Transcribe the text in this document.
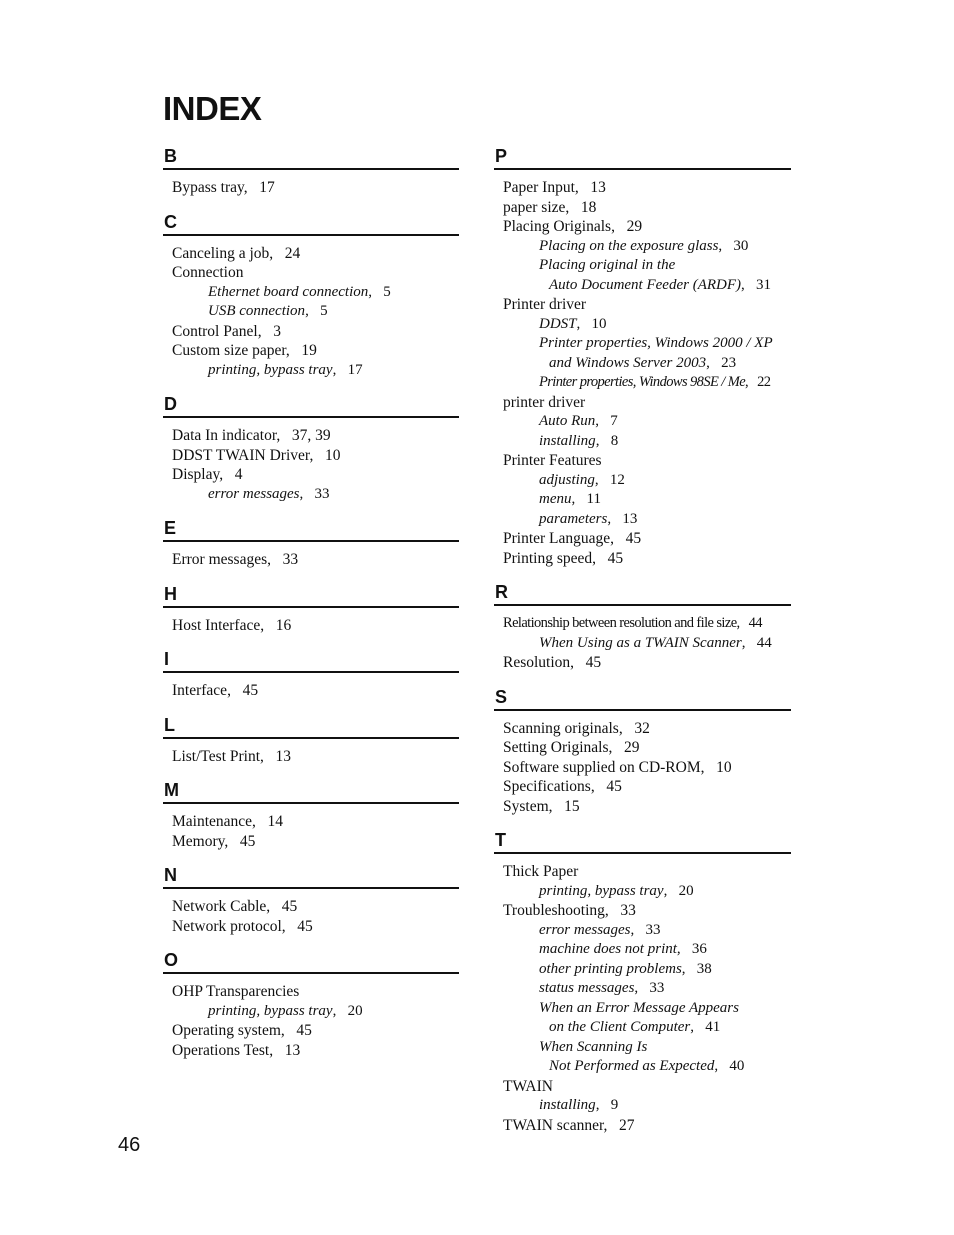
INDEX
B
Bypass tray,   17
C
Canceling a job,   24
Connection
Ethernet board connection,   5
USB connection,   5
Control Panel,   3
Custom size paper,   19
printing, bypass tray,   17
D
Data In indicator,   37, 39
DDST TWAIN Driver,   10
Display,   4
error messages,   33
E
Error messages,   33
H
Host Interface,   16
I
Interface,   45
L
List/Test Print,   13
M
Maintenance,   14
Memory,   45
N
Network Cable,   45
Network protocol,   45
O
OHP Transparencies
printing, bypass tray,   20
Operating system,   45
Operations Test,   13
P
Paper Input,   13
paper size,   18
Placing Originals,   29
Placing on the exposure glass,   30
Placing original in the
Auto Document Feeder (ARDF),   31
Printer driver
DDST,   10
Printer properties, Windows 2000 / XP
and Windows Server 2003,   23
Printer properties, Windows 98SE / Me,   22
printer driver
Auto Run,   7
installing,   8
Printer Features
adjusting,   12
menu,   11
parameters,   13
Printer Language,   45
Printing speed,   45
R
Relationship between resolution and file size,   44
When Using as a TWAIN Scanner,   44
Resolution,   45
S
Scanning originals,   32
Setting Originals,   29
Software supplied on CD-ROM,   10
Specifications,   45
System,   15
T
Thick Paper
printing, bypass tray,   20
Troubleshooting,   33
error messages,   33
machine does not print,   36
other printing problems,   38
status messages,   33
When an Error Message Appears
on the Client Computer,   41
When Scanning Is
Not Performed as Expected,   40
TWAIN
installing,   9
TWAIN scanner,   27
46
